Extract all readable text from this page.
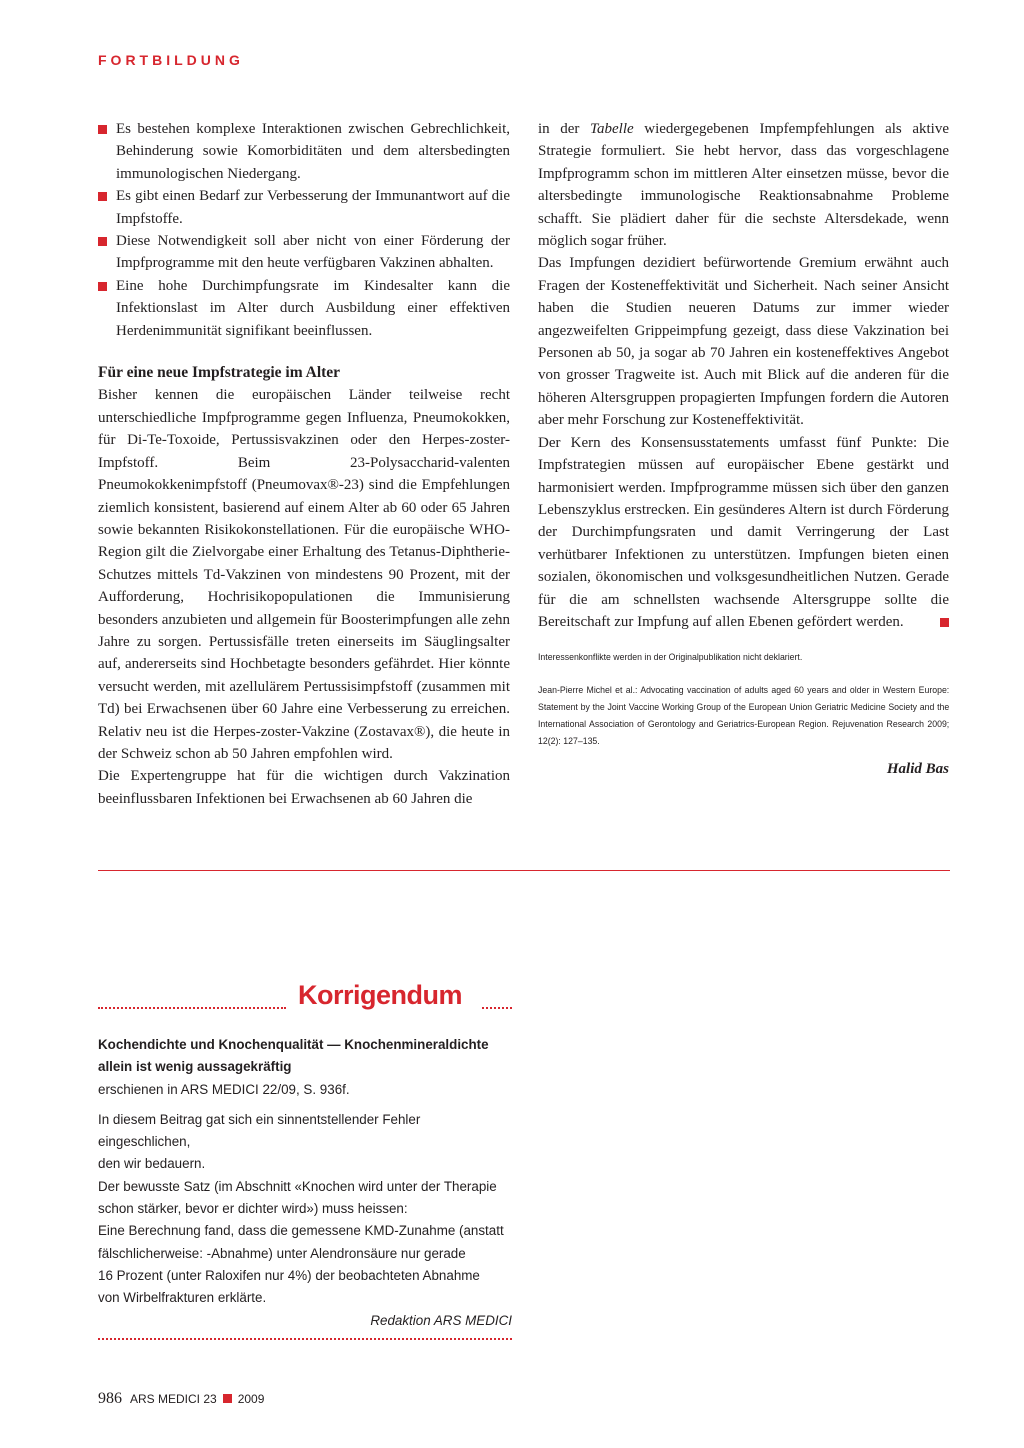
FORTBILDUNG

Es bestehen komplexe Interaktionen zwischen Gebrechlichkeit, Behinderung sowie Komorbiditäten und dem altersbedingten immunologischen Niedergang.

Es gibt einen Bedarf zur Verbesserung der Immunantwort auf die Impfstoffe.

Diese Notwendigkeit soll aber nicht von einer Förderung der Impfprogramme mit den heute verfügbaren Vakzinen abhalten.

Eine hohe Durchimpfungsrate im Kindesalter kann die Infektionslast im Alter durch Ausbildung einer effektiven Herdenimmunität signifikant beeinflussen.

Für eine neue Impfstrategie im Alter

Bisher kennen die europäischen Länder teilweise recht unterschiedliche Impfprogramme gegen Influenza, Pneumokokken, für Di-Te-Toxoide, Pertussisvakzinen oder den Herpes-zoster-Impfstoff. Beim 23-Polysaccharid-valenten Pneumokokkenimpfstoff (Pneumovax®-23) sind die Empfehlungen ziemlich konsistent, basierend auf einem Alter ab 60 oder 65 Jahren sowie bekannten Risikokonstellationen. Für die europäische WHO-Region gilt die Zielvorgabe einer Erhaltung des Tetanus-Diphtherie-Schutzes mittels Td-Vakzinen von mindestens 90 Prozent, mit der Aufforderung, Hochrisikopopulationen die Immunisierung besonders anzubieten und allgemein für Boosterimpfungen alle zehn Jahre zu sorgen. Pertussisfälle treten einerseits im Säuglingsalter auf, andererseits sind Hochbetagte besonders gefährdet. Hier könnte versucht werden, mit azellulärem Pertussisimpfstoff (zusammen mit Td) bei Erwachsenen über 60 Jahre eine Verbesserung zu erreichen. Relativ neu ist die Herpes-zoster-Vakzine (Zostavax®), die heute in der Schweiz schon ab 50 Jahren empfohlen wird.

Die Expertengruppe hat für die wichtigen durch Vakzination beeinflussbaren Infektionen bei Erwachsenen ab 60 Jahren die

in der Tabelle wiedergegebenen Impfempfehlungen als aktive Strategie formuliert. Sie hebt hervor, dass das vorgeschlagene Impfprogramm schon im mittleren Alter einsetzen müsse, bevor die altersbedingte immunologische Reaktionsabnahme Probleme schafft. Sie plädiert daher für die sechste Altersdekade, wenn möglich sogar früher.

Das Impfungen dezidiert befürwortende Gremium erwähnt auch Fragen der Kosteneffektivität und Sicherheit. Nach seiner Ansicht haben die Studien neueren Datums zur immer wieder angezweifelten Grippeimpfung gezeigt, dass diese Vakzination bei Personen ab 50, ja sogar ab 70 Jahren ein kosteneffektives Angebot von grosser Tragweite ist. Auch mit Blick auf die anderen für die höheren Altersgruppen propagierten Impfungen fordern die Autoren aber mehr Forschung zur Kosteneffektivität.

Der Kern des Konsensusstatements umfasst fünf Punkte: Die Impfstrategien müssen auf europäischer Ebene gestärkt und harmonisiert werden. Impfprogramme müssen sich über den ganzen Lebenszyklus erstrecken. Ein gesünderes Altern ist durch Förderung der Durchimpfungsraten und damit Verringerung der Last verhütbarer Infektionen zu unterstützen. Impfungen bieten einen sozialen, ökonomischen und volksgesundheitlichen Nutzen. Gerade für die am schnellsten wachsende Altersgruppe sollte die Bereitschaft zur Impfung auf allen Ebenen gefördert werden.

Interessenkonflikte werden in der Originalpublikation nicht deklariert.
Jean-Pierre Michel et al.: Advocating vaccination of adults aged 60 years and older in Western Europe: Statement by the Joint Vaccine Working Group of the European Union Geriatric Medicine Society and the International Association of Gerontology and Geriatrics-European Region. Rejuvenation Research 2009; 12(2): 127–135.
Halid Bas
Korrigendum
Kochendichte und Knochenqualität — Knochenmineraldichte
allein ist wenig aussagekräftig
erschienen in ARS MEDICI 22/09, S. 936f.
In diesem Beitrag gat sich ein sinnentstellender Fehler eingeschlichen,
den wir bedauern.
Der bewusste Satz (im Abschnitt «Knochen wird unter der Therapie
schon stärker, bevor er dichter wird») muss heissen:
Eine Berechnung fand, dass die gemessene KMD-Zunahme (anstatt
fälschlicherweise: -Abnahme) unter Alendronsäure nur gerade
16 Prozent (unter Raloxifen nur 4%) der beobachteten Abnahme
von Wirbelfrakturen erklärte.
Redaktion ARS MEDICI
986 ARS MEDICI 23 2009
